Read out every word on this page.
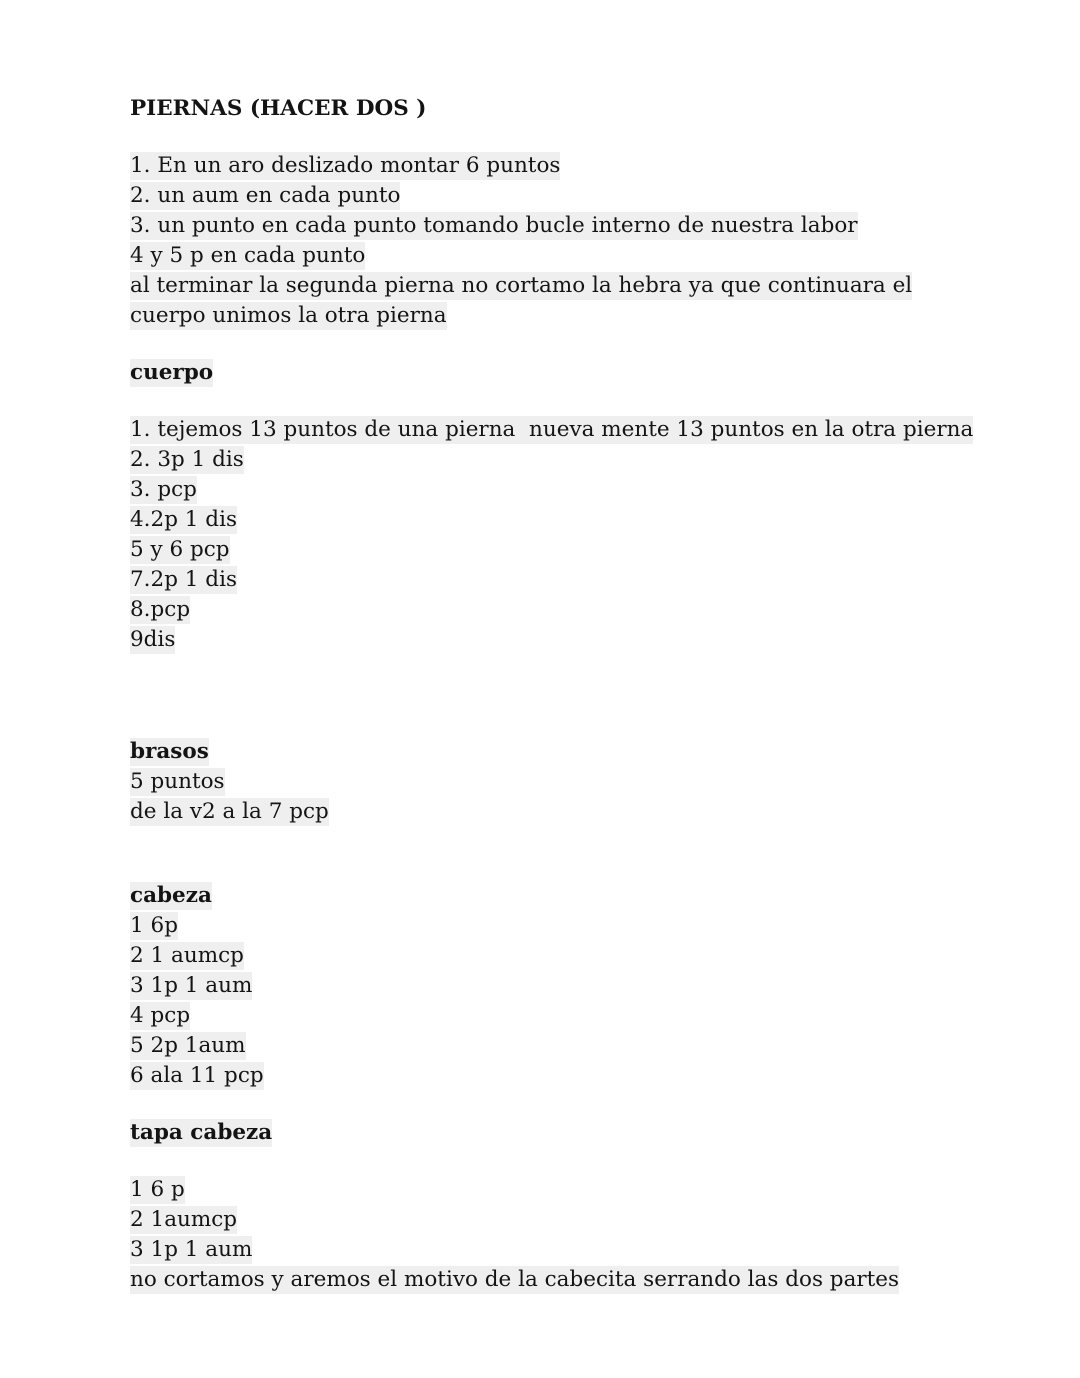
PIERNAS (HACER DOS )
1. En un aro deslizado montar 6 puntos
2. un aum en cada punto
3. un punto en cada punto tomando bucle interno de nuestra labor
4 y 5 p en cada punto
al terminar la segunda pierna no cortamo la hebra ya que continuara el
cuerpo unimos la otra pierna
cuerpo
1. tejemos 13 puntos de una pierna  nueva mente 13 puntos en la otra pierna
2. 3p 1 dis
3. pcp
4.2p 1 dis
5 y 6 pcp
7.2p 1 dis
8.pcp
9dis
brasos
5 puntos
de la v2 a la 7 pcp
cabeza
1 6p
2 1 aumcp
3 1p 1 aum
4 pcp
5 2p 1aum
6 ala 11 pcp
tapa cabeza
1 6 p
2 1aumcp
3 1p 1 aum
no cortamos y aremos el motivo de la cabecita serrando las dos partes
